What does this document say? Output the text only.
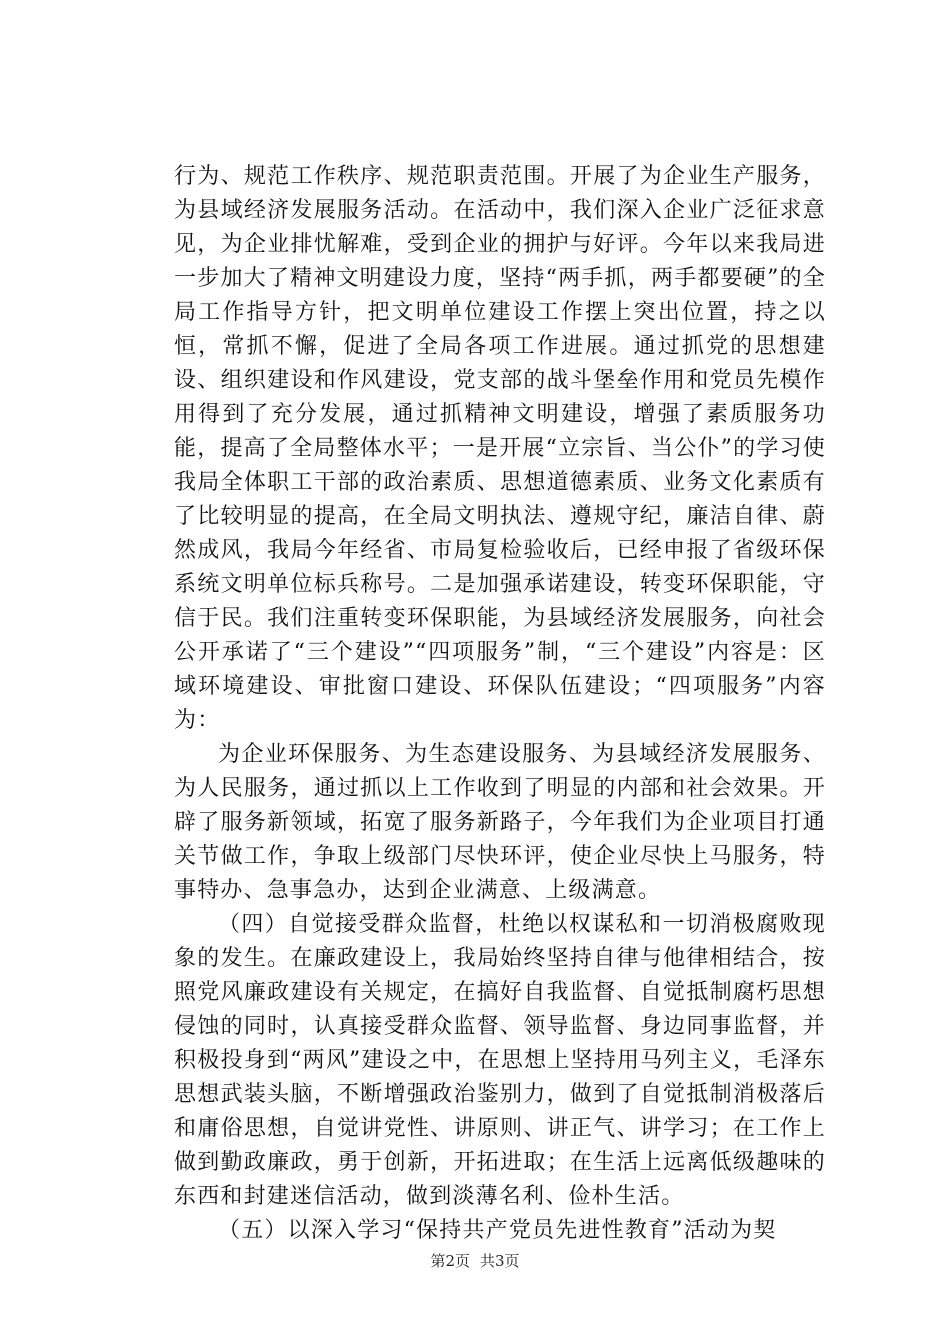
行为、规范工作秩序、规范职责范围。开展了为企业生产服务，为县域经济发展服务活动。在活动中，我们深入企业广泛征求意见，为企业排忧解难，受到企业的拥护与好评。今年以来我局进一步加大了精神文明建设力度，坚持“两手抓，两手都要硬”的全局工作指导方针，把文明单位建设工作摆上突出位置，持之以恒，常抓不懈，促进了全局各项工作进展。通过抓党的思想建设、组织建设和作风建设，党支部的战斗堡垒作用和党员先模作用得到了充分发展，通过抓精神文明建设，增强了素质服务功能，提高了全局整体水平；一是开展“立宗旨、当公仆”的学习使我局全体职工干部的政治素质、思想道德素质、业务文化素质有了比较明显的提高，在全局文明执法、遵规守纪，廉洁自律、蔚然成风，我局今年经省、市局复检验收后，已经申报了省级环保系统文明单位标兵称号。二是加强承诺建设，转变环保职能，守信于民。我们注重转变环保职能，为县域经济发展服务，向社会公开承诺了“三个建设”“四项服务”制，“三个建设”内容是：区域环境建设、审批窗口建设、环保队伍建设；“四项服务”内容为：

为企业环保服务、为生态建设服务、为县域经济发展服务、为人民服务，通过抓以上工作收到了明显的内部和社会效果。开辟了服务新领域，拓宽了服务新路子，今年我们为企业项目打通关节做工作，争取上级部门尽快环评，使企业尽快上马服务，特事特办、急事急办，达到企业满意、上级满意。

（四）自觉接受群众监督，杜绝以权谋私和一切消极腐败现象的发生。在廉政建设上，我局始终坚持自律与他律相结合，按照党风廉政建设有关规定，在搞好自我监督、自觉抵制腐朽思想侵蚀的同时，认真接受群众监督、领导监督、身边同事监督，并积极投身到“两风”建设之中，在思想上坚持用马列主义，毛泽东思想武装头脑，不断增强政治鉴别力，做到了自觉抵制消极落后和庸俗思想，自觉讲党性、讲原则、讲正气、讲学习；在工作上做到勤政廉政，勇于创新，开拓进取；在生活上远离低级趣味的东西和封建迷信活动，做到淡薄名利、俭朴生活。

（五）以深入学习“保持共产党员先进性教育”活动为契

第2页 共3页
